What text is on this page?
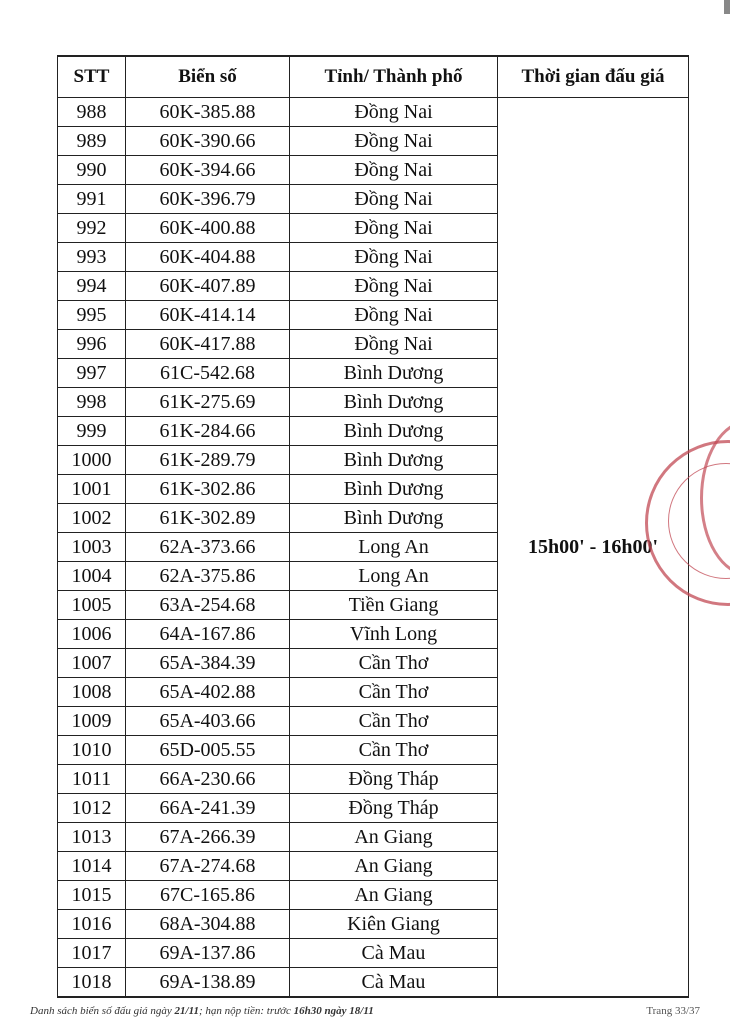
STT	Biển số	Tỉnh/ Thành phố	Thời gian đấu giá
988	60K-385.88	Đồng Nai	15h00' - 16h00'
989	60K-390.66	Đồng Nai	
990	60K-394.66	Đồng Nai	
991	60K-396.79	Đồng Nai	
992	60K-400.88	Đồng Nai	
993	60K-404.88	Đồng Nai	
994	60K-407.89	Đồng Nai	
995	60K-414.14	Đồng Nai	
996	60K-417.88	Đồng Nai	
997	61C-542.68	Bình Dương	
998	61K-275.69	Bình Dương	
999	61K-284.66	Bình Dương	
1000	61K-289.79	Bình Dương	
1001	61K-302.86	Bình Dương	
1002	61K-302.89	Bình Dương	
1003	62A-373.66	Long An	
1004	62A-375.86	Long An	
1005	63A-254.68	Tiền Giang	
1006	64A-167.86	Vĩnh Long	
1007	65A-384.39	Cần Thơ	
1008	65A-402.88	Cần Thơ	
1009	65A-403.66	Cần Thơ	
1010	65D-005.55	Cần Thơ	
1011	66A-230.66	Đồng Tháp	
1012	66A-241.39	Đồng Tháp	
1013	67A-266.39	An Giang	
1014	67A-274.68	An Giang	
1015	67C-165.86	An Giang	
1016	68A-304.88	Kiên Giang	
1017	69A-137.86	Cà Mau	
1018	69A-138.89	Cà Mau	
Danh sách biển số đấu giá ngày 21/11; hạn nộp tiền: trước 16h30 ngày 18/11	Trang 33/37
